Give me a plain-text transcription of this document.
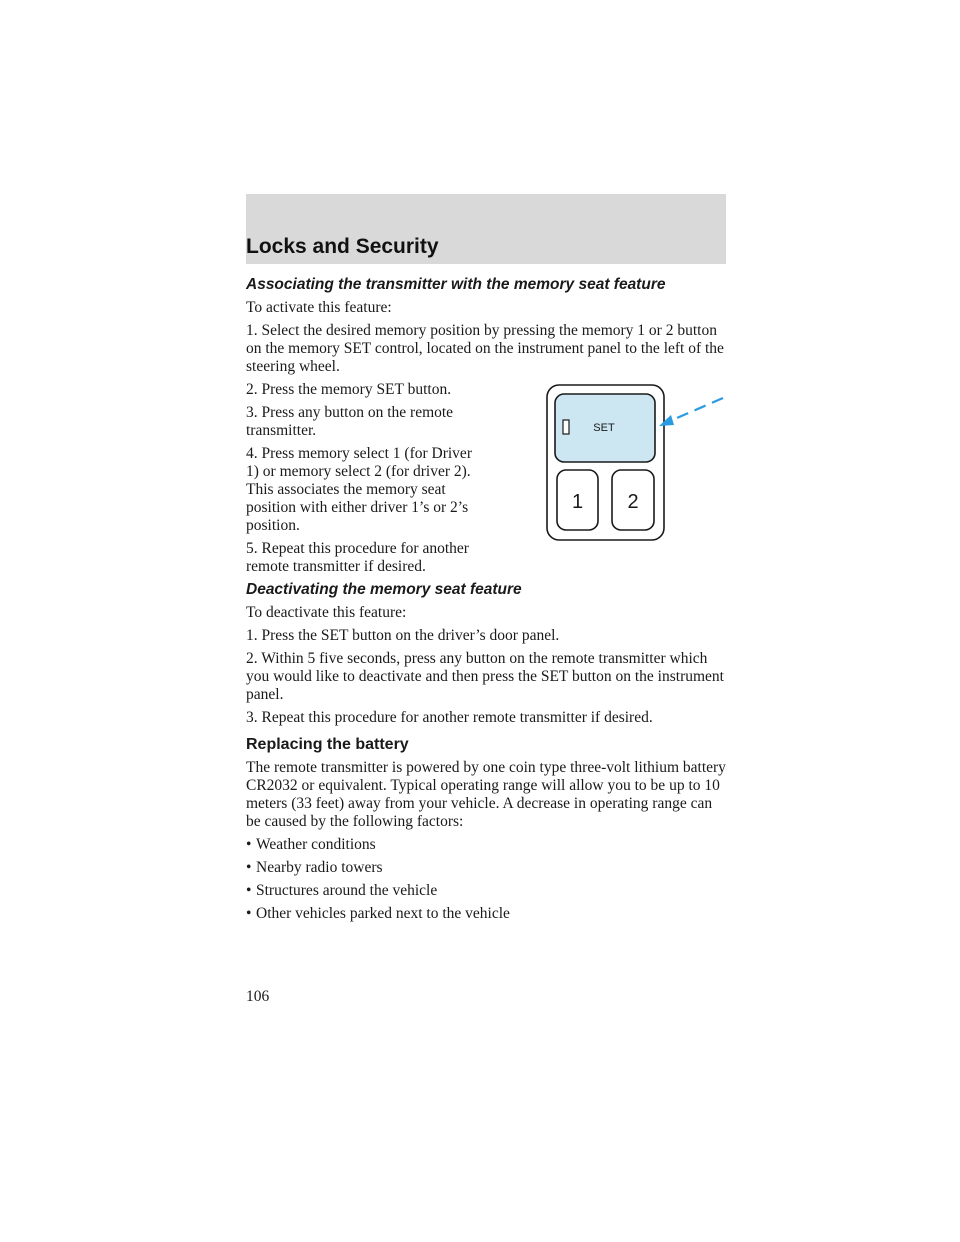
Locks and Security
Associating the transmitter with the memory seat feature

To activate this feature:

1. Select the desired memory position by pressing the memory 1 or 2 button on the memory SET control, located on the instrument panel to the left of the steering wheel.

2. Press the memory SET button.

3. Press any button on the remote transmitter.

4. Press memory select 1 (for Driver 1) or memory select 2 (for driver 2). This associates the memory seat position with either driver 1’s or 2’s position.

5. Repeat this procedure for another remote transmitter if desired.

Deactivating the memory seat feature

To deactivate this feature:

1. Press the SET button on the driver’s door panel.

2. Within 5 five seconds, press any button on the remote transmitter which you would like to deactivate and then press the SET button on the instrument panel.

3. Repeat this procedure for another remote transmitter if desired.

Replacing the battery

The remote transmitter is powered by one coin type three-volt lithium battery CR2032 or equivalent. Typical operating range will allow you to be up to 10 meters (33 feet) away from your vehicle. A decrease in operating range can be caused by the following factors:

• Weather conditions

• Nearby radio towers

• Structures around the vehicle

• Other vehicles parked next to the vehicle

SET
1 2
106
